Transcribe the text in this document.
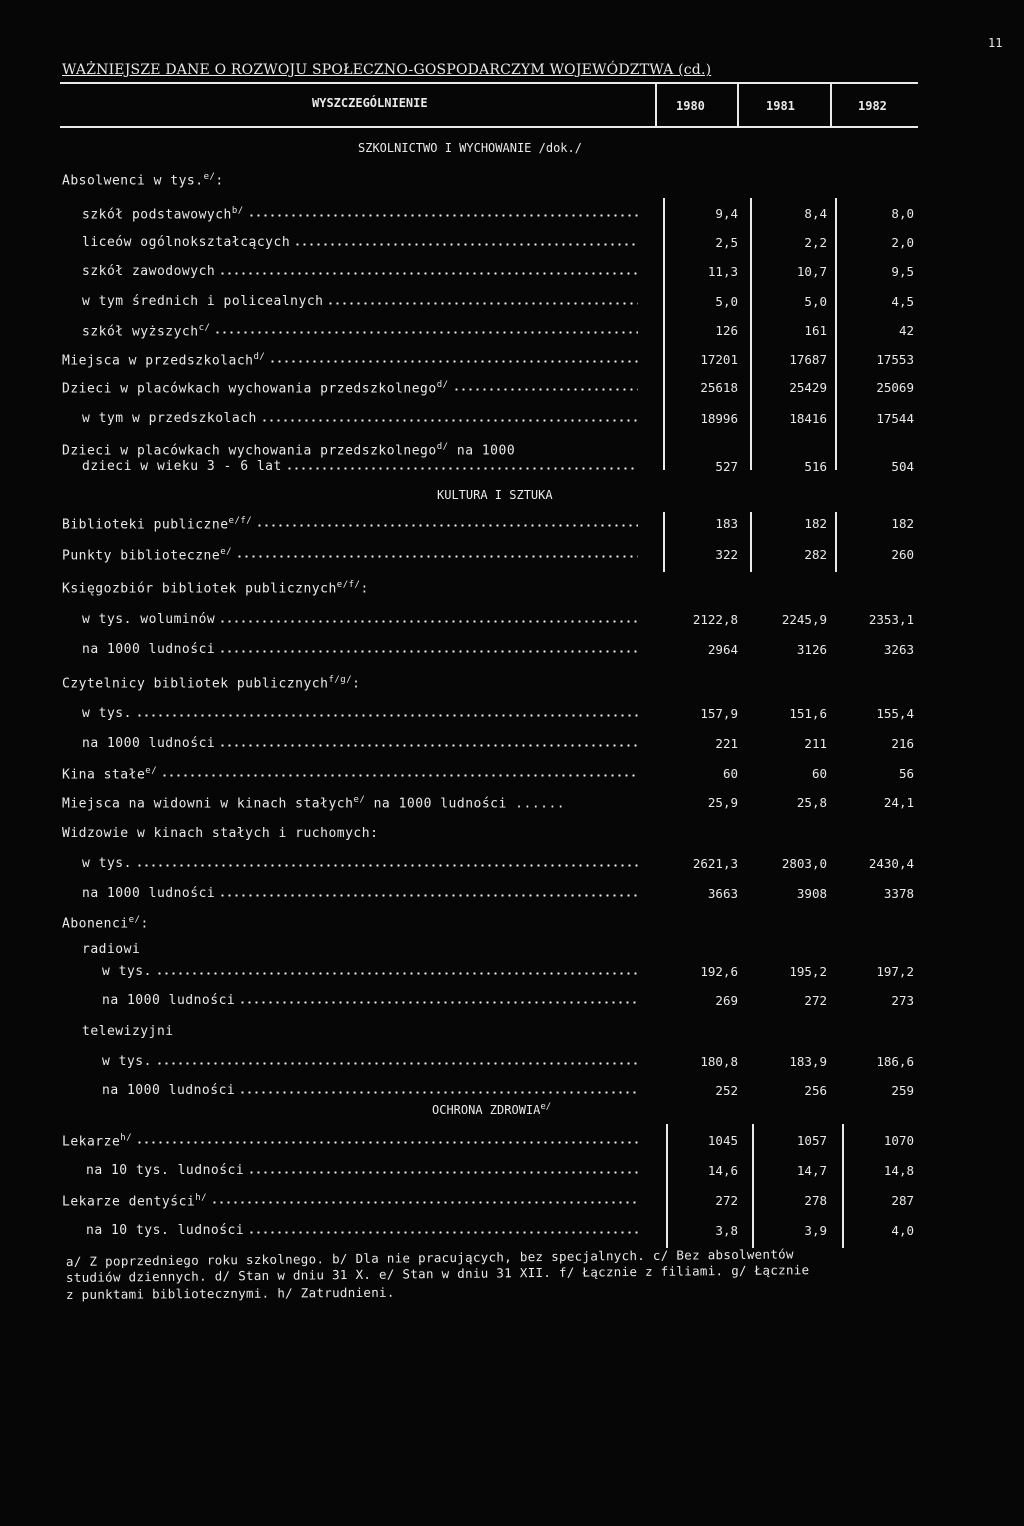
11
WAŻNIEJSZE DANE O ROZWOJU SPOŁECZNO-GOSPODARCZYM WOJEWÓDZTWA (cd.)
WYSZCZEGÓLNIENIE	1980	1981	1982
SZKOLNICTWO I WYCHOWANIE /dok./
KULTURA I SZTUKA
OCHRONA $ZDROWIA^{e/}$
Absolwenci w tys.$^{e/}$:
szkół podstawowych$^{b/}$	9,4	8,4	8,0
liceów ogólnokształcących	2,5	2,2	2,0
szkół zawodowych	11,3	10,7	9,5
w tym średnich i policealnych	5,0	5,0	4,5
szkół wyższych$^{c/}$	126	161	42
Miejsca w przedszkolach$^{d/}$	17201	17687	17553
Dzieci w placówkach wychowania przedszkolnego$^{d/}$	25618	25429	25069
w tym w przedszkolach	18996	18416	17544
Dzieci w placówkach wychowania przedszkolnego$^{d/}$ na 1000
dzieci w wieku 3 - 6 lat	527	516	504
Biblioteki publiczne$^{e/f/}$	183	182	182
Punkty biblioteczne$^{e/}$	322	282	260
Księgozbiór bibliotek publicznych$^{e/f/}$:
w tys. woluminów	2122,8	2245,9	2353,1
na 1000 ludności	2964	3126	3263
Czytelnicy bibliotek publicznych$^{f/g/}$:
w tys.	157,9	151,6	155,4
na 1000 ludności	221	211	216
Kina stałe$^{e/}$	60	60	56
Miejsca na widowni w kinach stałych$^{e/}$ na 1000 ludności ......	25,9	25,8	24,1
Widzowie w kinach stałych i ruchomych:
w tys.	2621,3	2803,0	2430,4
na 1000 ludności	3663	3908	3378
Abonenci$^{e/}$:
radiowi
w tys.	192,6	195,2	197,2
na 1000 ludności	269	272	273
telewizyjni
w tys.	180,8	183,9	186,6
na 1000 ludności	252	256	259
Lekarze$^{h/}$	1045	1057	1070
na 10 tys. ludności	14,6	14,7	14,8
Lekarze dentyści$^{h/}$	272	278	287
na 10 tys. ludności	3,8	3,9	4,0
a/ Z poprzedniego roku szkolnego. b/ Dla nie pracujących, bez specjalnych. c/ Bez absolwentów
studiów dziennych. d/ Stan w dniu 31 X. e/ Stan w dniu 31 XII. f/ Łącznie z filiami. g/ Łącznie
z punktami bibliotecznymi. h/ Zatrudnieni.
